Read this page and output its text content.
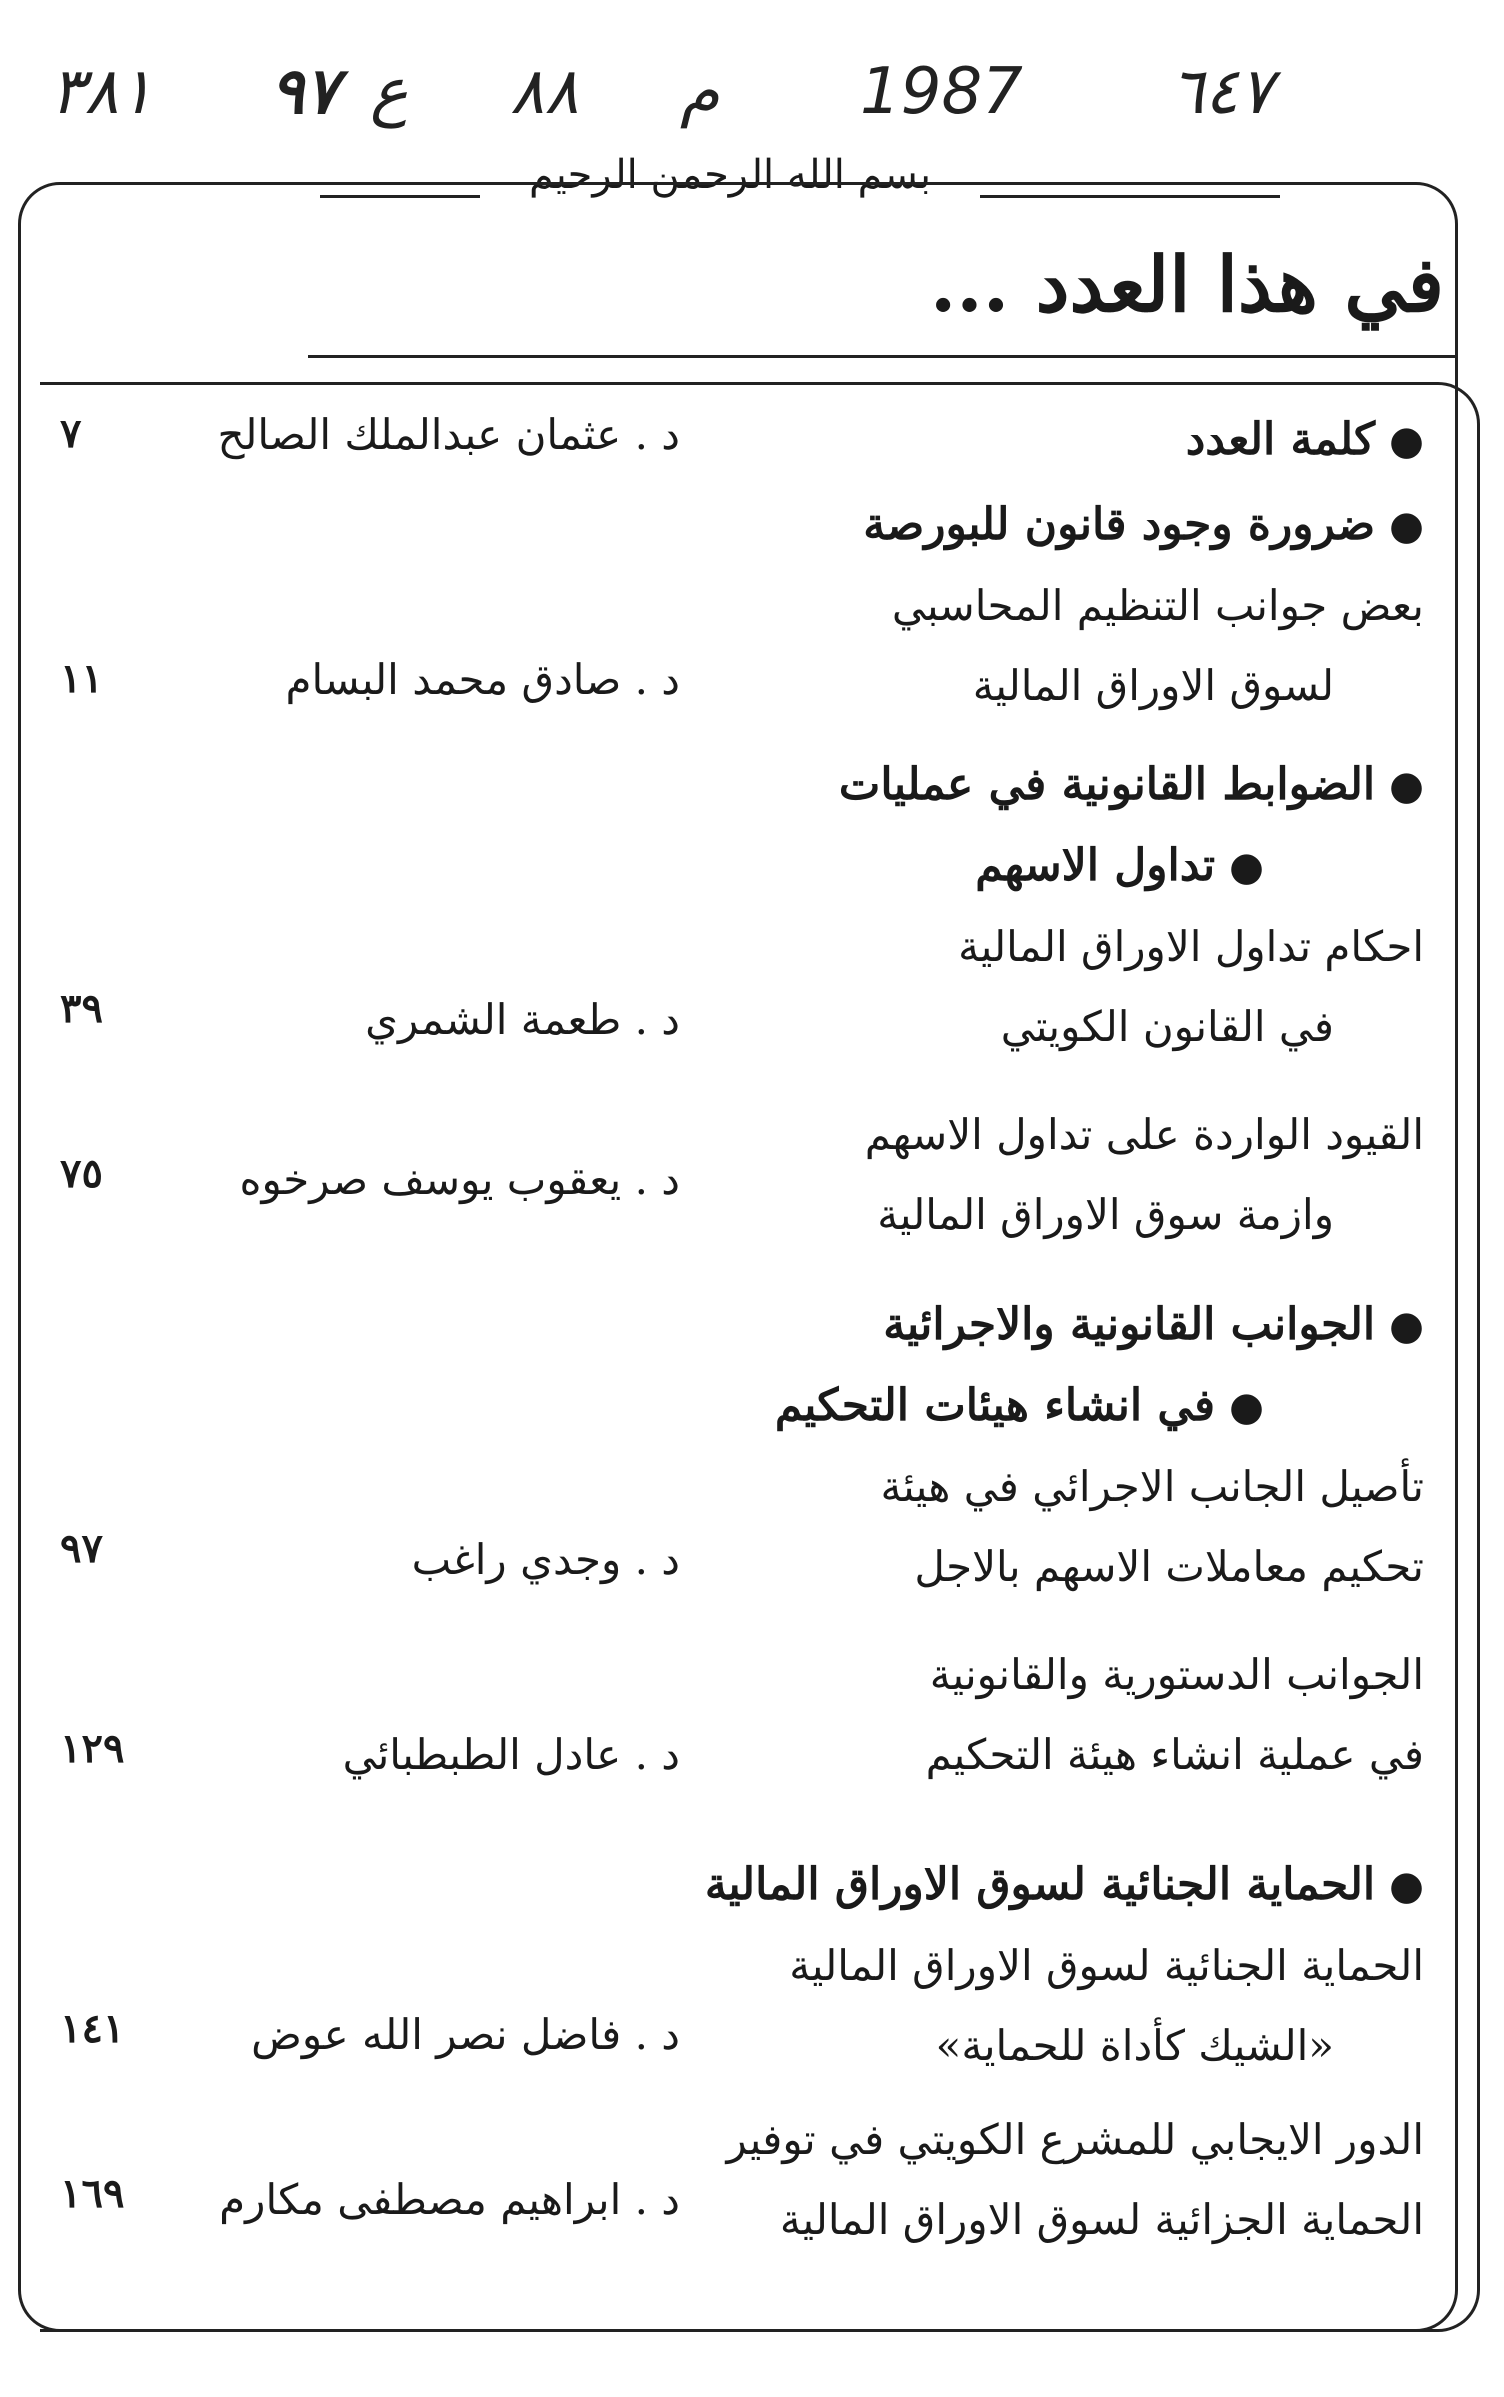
٣٨١ ٩٧ ع ٨٨ م 1987 ٦٤٧
بسم الله الرحمن الرحيم
في هذا العدد ...
● كلمة العدد
د . عثمان عبدالملك الصالح
٧
● ضرورة وجود قانون للبورصة
بعض جوانب التنظيم المحاسبي
لسوق الاوراق المالية
د . صادق محمد البسام
١١
● الضوابط القانونية في عمليات
● تداول الاسهم
احكام تداول الاوراق المالية
في القانون الكويتي
د . طعمة الشمري
٣٩
القيود الواردة على تداول الاسهم
وازمة سوق الاوراق المالية
د . يعقوب يوسف صرخوه
٧٥
● الجوانب القانونية والاجرائية
● في انشاء هيئات التحكيم
تأصيل الجانب الاجرائي في هيئة
تحكيم معاملات الاسهم بالاجل
د . وجدي راغب
٩٧
الجوانب الدستورية والقانونية
في عملية انشاء هيئة التحكيم
د . عادل الطبطبائي
١٢٩
● الحماية الجنائية لسوق الاوراق المالية
الحماية الجنائية لسوق الاوراق المالية
«الشيك كأداة للحماية»
د . فاضل نصر الله عوض
١٤١
الدور الايجابي للمشرع الكويتي في توفير
الحماية الجزائية لسوق الاوراق المالية
د . ابراهيم مصطفى مكارم
١٦٩
